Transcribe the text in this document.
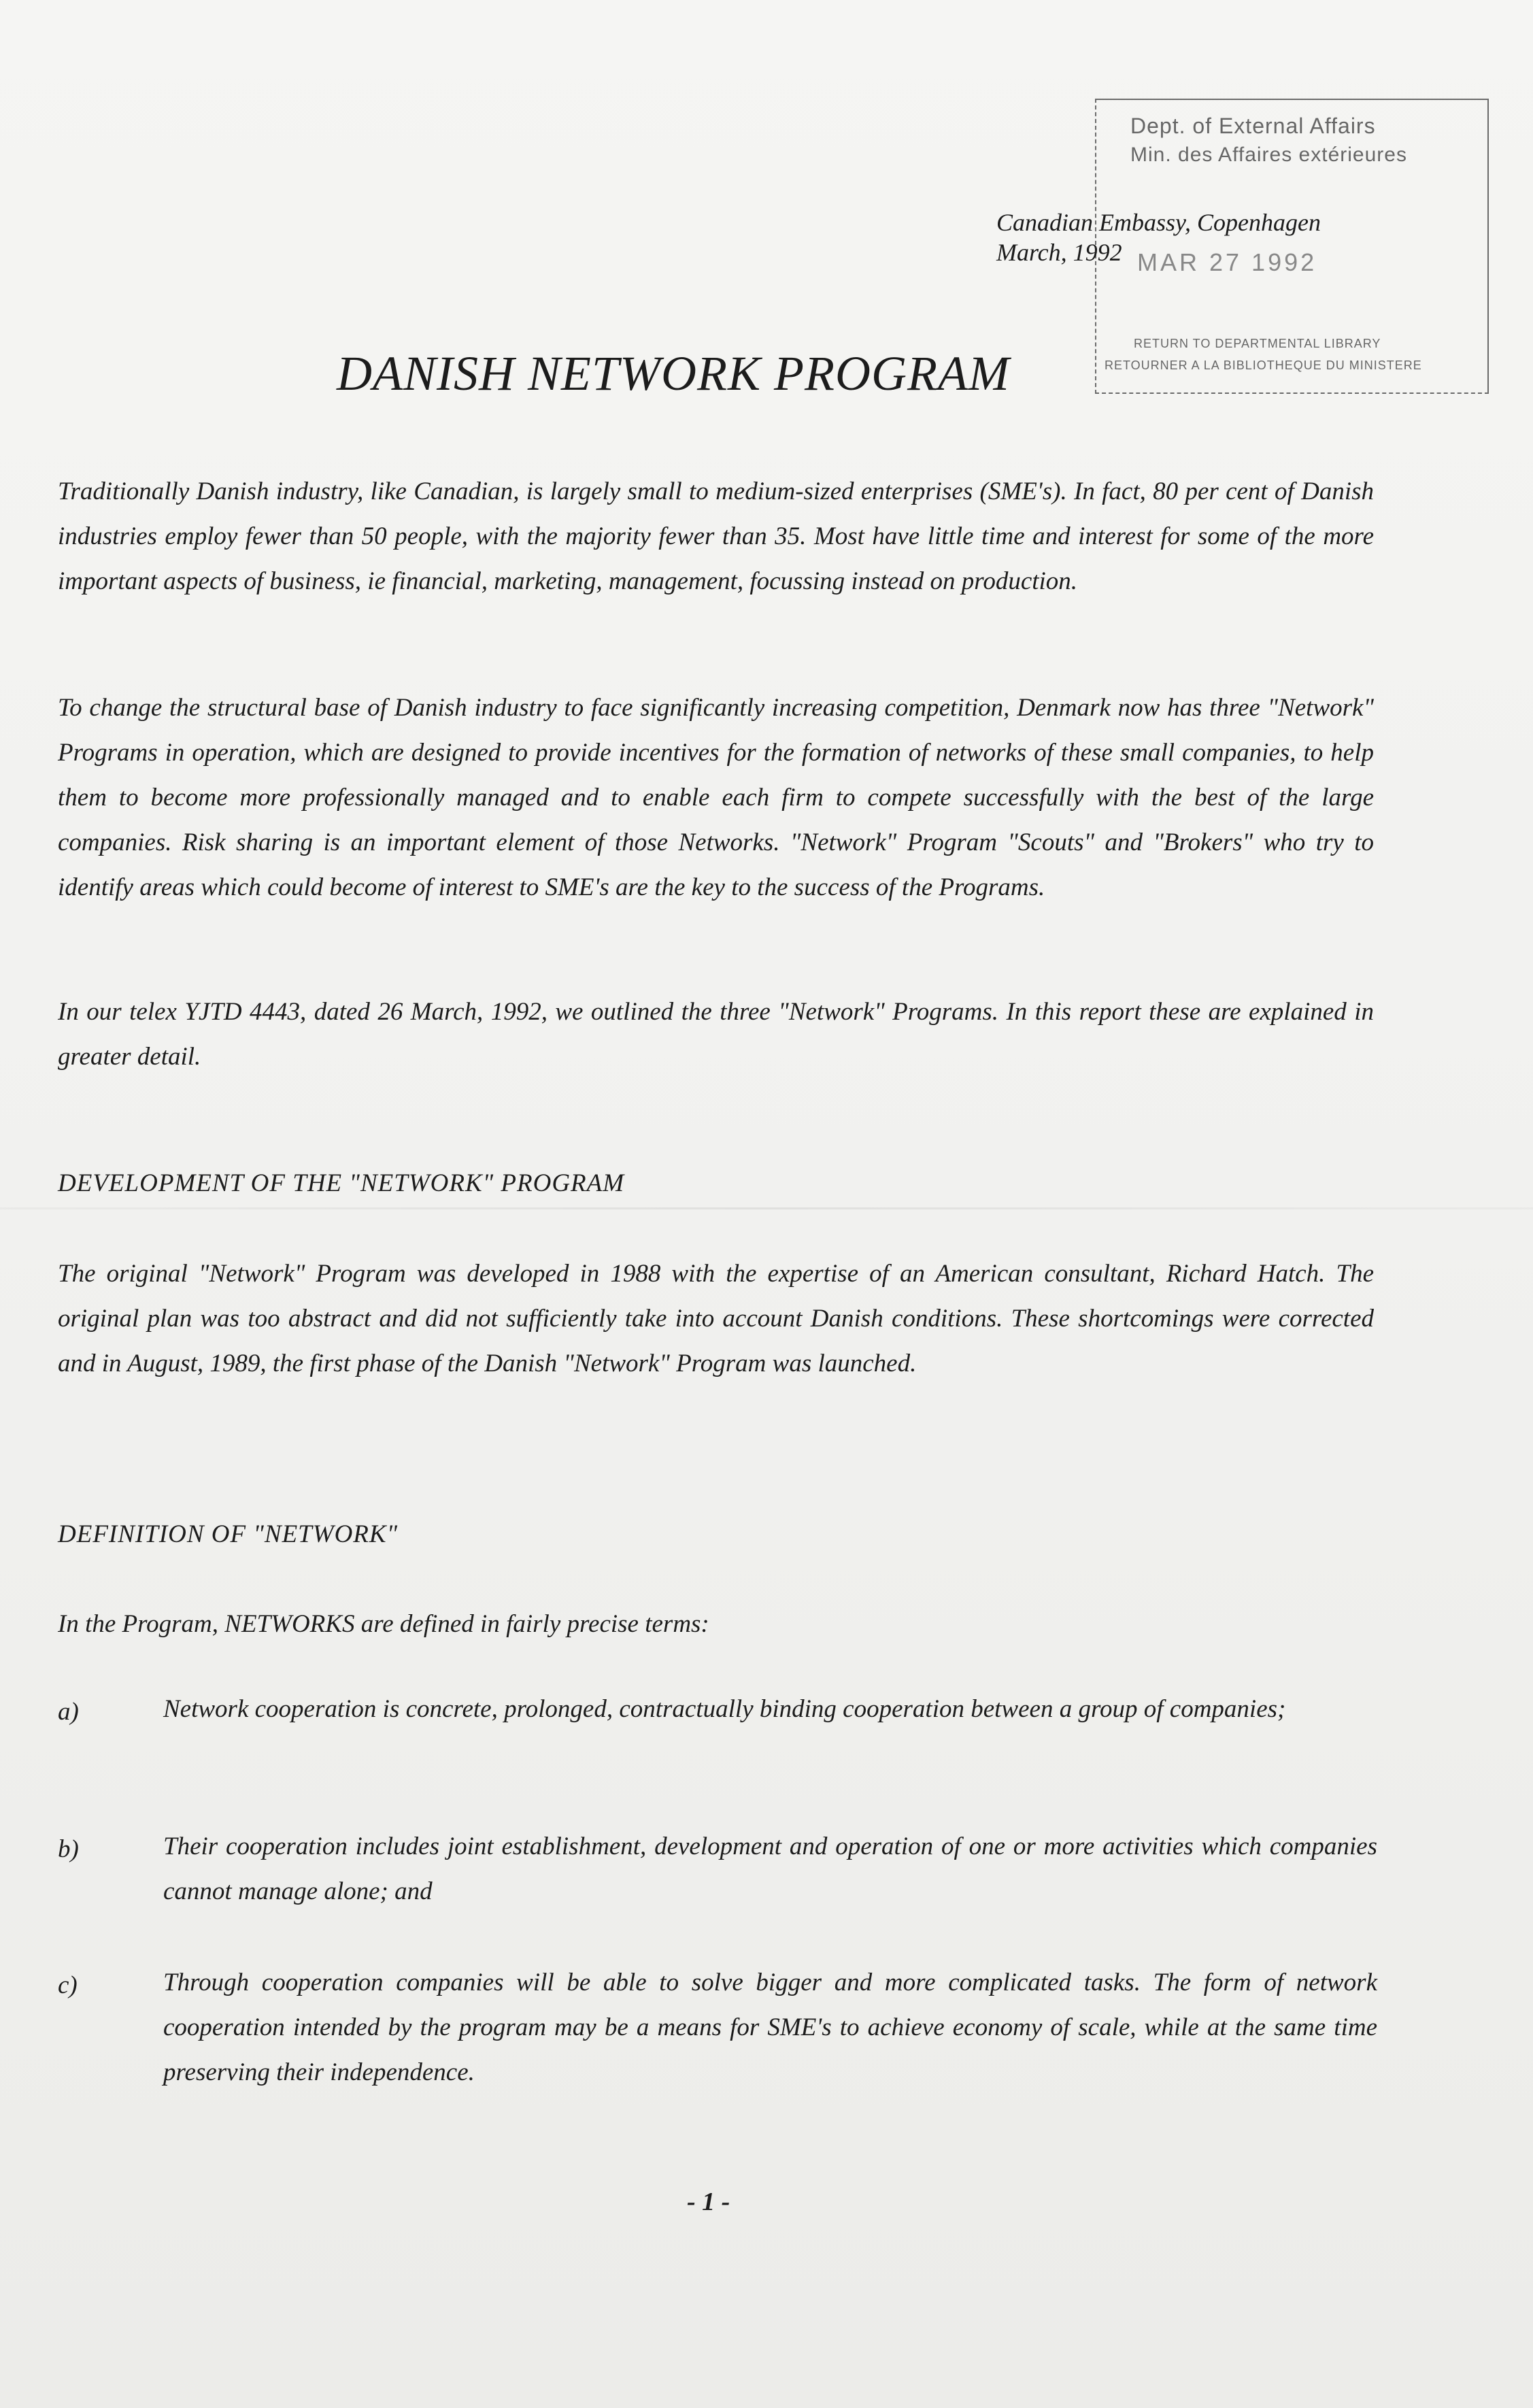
Dept. of External Affairs
Min. des Affaires extérieures
MAR 27 1992
RETURN TO DEPARTMENTAL LIBRARY
RETOURNER A LA BIBLIOTHEQUE DU MINISTERE
Canadian Embassy, Copenhagen
March, 1992
DANISH NETWORK PROGRAM

Traditionally Danish industry, like Canadian, is largely small to medium-sized enterprises (SME's). In fact, 80 per cent of Danish industries employ fewer than 50 people, with the majority fewer than 35. Most have little time and interest for some of the more important aspects of business, ie financial, marketing, management, focussing instead on production.

To change the structural base of Danish industry to face significantly increasing competition, Denmark now has three "Network" Programs in operation, which are designed to provide incentives for the formation of networks of these small companies, to help them to become more professionally managed and to enable each firm to compete successfully with the best of the large companies. Risk sharing is an important element of those Networks. "Network" Program "Scouts" and "Brokers" who try to identify areas which could become of interest to SME's are the key to the success of the Programs.

In our telex YJTD 4443, dated 26 March, 1992, we outlined the three "Network" Programs. In this report these are explained in greater detail.

DEVELOPMENT OF THE "NETWORK" PROGRAM

The original "Network" Program was developed in 1988 with the expertise of an American consultant, Richard Hatch. The original plan was too abstract and did not sufficiently take into account Danish conditions. These shortcomings were corrected and in August, 1989, the first phase of the Danish "Network" Program was launched.

DEFINITION OF "NETWORK"

In the Program, NETWORKS are defined in fairly precise terms:

a)	Network cooperation is concrete, prolonged, contractually binding cooperation between a group of companies;

b)	Their cooperation includes joint establishment, development and operation of one or more activities which companies cannot manage alone; and

c)	Through cooperation companies will be able to solve bigger and more complicated tasks. The form of network cooperation intended by the program may be a means for SME's to achieve economy of scale, while at the same time preserving their independence.

- 1 -
